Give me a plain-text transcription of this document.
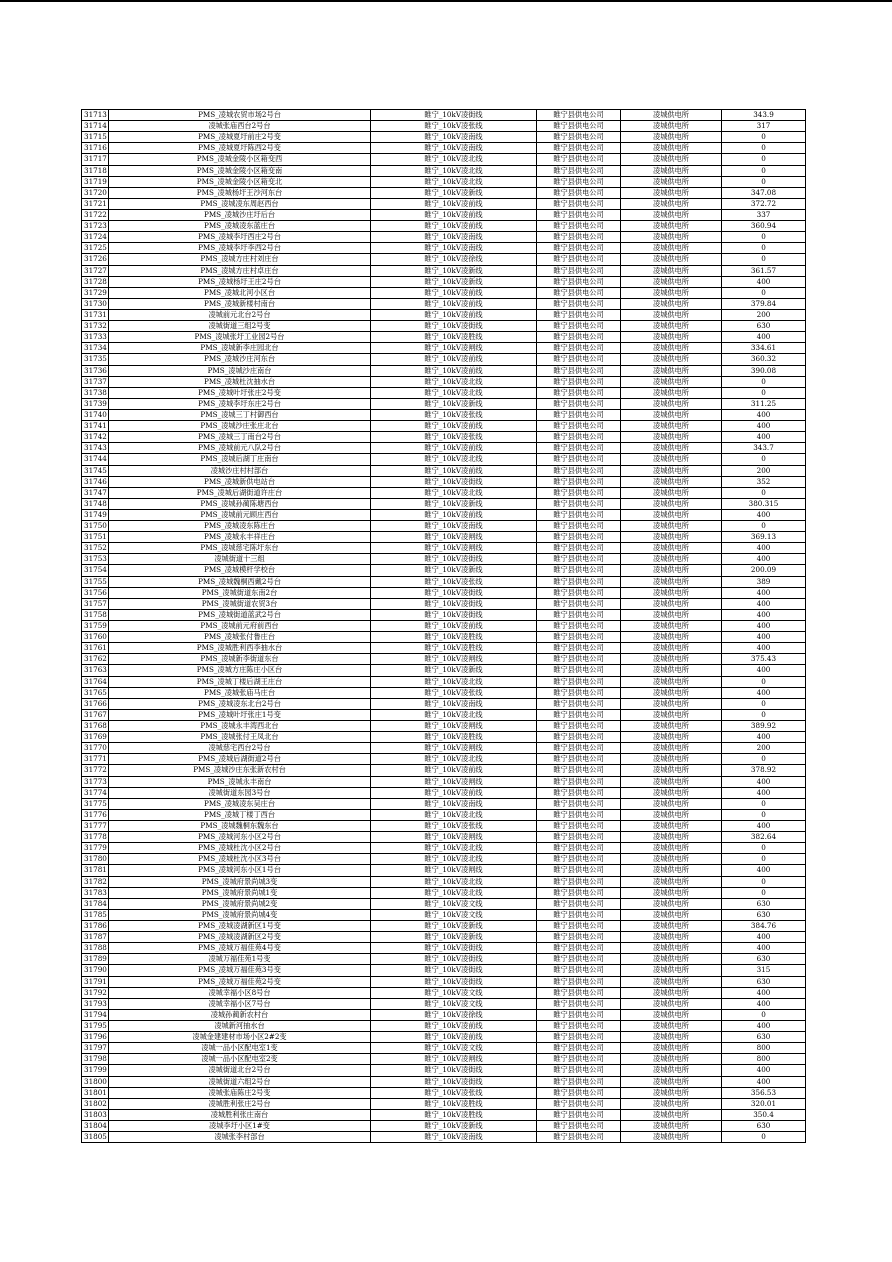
31713	PMS_凌城农贸市场2号台	睢宁_10kV凌街线	睢宁县供电公司	凌城供电所	343.9
31714	凌城张庙西台2号台	睢宁_10kV凌张线	睢宁县供电公司	凌城供电所	317
31715	PMS_凌城夏圩前庄2号变	睢宁_10kV凌南线	睢宁县供电公司	凌城供电所	0
31716	PMS_凌城夏圩陈西2号变	睢宁_10kV凌南线	睢宁县供电公司	凌城供电所	0
31717	PMS_凌城金陵小区箱变西	睢宁_10kV凌北线	睢宁县供电公司	凌城供电所	0
31718	PMS_凌城金陵小区箱变南	睢宁_10kV凌北线	睢宁县供电公司	凌城供电所	0
31719	PMS_凌城金陵小区箱变北	睢宁_10kV凌北线	睢宁县供电公司	凌城供电所	0
31720	PMS_凌城杨圩王沙河东台	睢宁_10kV凌新线	睢宁县供电公司	凌城供电所	347.08
31721	PMS_凌城凌东周赵西台	睢宁_10kV凌前线	睢宁县供电公司	凌城供电所	372.72
31722	PMS_凌城沙庄圩后台	睢宁_10kV凌前线	睢宁县供电公司	凌城供电所	337
31723	PMS_凌城凌东蓝庄台	睢宁_10kV凌前线	睢宁县供电公司	凌城供电所	360.94
31724	PMS_凌城李圩西庄2号台	睢宁_10kV凌南线	睢宁县供电公司	凌城供电所	0
31725	PMS_凌城李圩李西2号台	睢宁_10kV凌南线	睢宁县供电公司	凌城供电所	0
31726	PMS_凌城方庄村刘庄台	睢宁_10kV凌徐线	睢宁县供电公司	凌城供电所	0
31727	PMS_凌城方庄村卓庄台	睢宁_10kV凌新线	睢宁县供电公司	凌城供电所	361.57
31728	PMS_凌城杨圩王庄2号台	睢宁_10kV凌新线	睢宁县供电公司	凌城供电所	400
31729	PMS_凌城北河小区台	睢宁_10kV凌前线	睢宁县供电公司	凌城供电所	0
31730	PMS_凌城新楼村南台	睢宁_10kV凌前线	睢宁县供电公司	凌城供电所	379.84
31731	凌城前元北台2号台	睢宁_10kV凌前线	睢宁县供电公司	凌城供电所	200
31732	凌城街道三组2号变	睢宁_10kV凌街线	睢宁县供电公司	凌城供电所	630
31733	PMS_凌城张圩工业园2号台	睢宁_10kV凌胜线	睢宁县供电公司	凌城供电所	400
31734	PMS_凌城新李庄园北台	睢宁_10kV凌闸线	睢宁县供电公司	凌城供电所	334.61
31735	PMS_凌城沙庄河东台	睢宁_10kV凌前线	睢宁县供电公司	凌城供电所	360.32
31736	PMS_凌城沙庄南台	睢宁_10kV凌前线	睢宁县供电公司	凌城供电所	390.08
31737	PMS_凌城杜沈抽水台	睢宁_10kV凌北线	睢宁县供电公司	凌城供电所	0
31738	PMS_凌城叶圩张庄2号变	睢宁_10kV凌北线	睢宁县供电公司	凌城供电所	0
31739	PMS_凌城李圩东庄2号台	睢宁_10kV凌新线	睢宁县供电公司	凌城供电所	311.25
31740	PMS_凌城三丁村御西台	睢宁_10kV凌张线	睢宁县供电公司	凌城供电所	400
31741	PMS_凌城沙庄张庄北台	睢宁_10kV凌前线	睢宁县供电公司	凌城供电所	400
31742	PMS_凌城三丁南台2号台	睢宁_10kV凌张线	睢宁县供电公司	凌城供电所	400
31743	PMS_凌城前元八队2号台	睢宁_10kV凌前线	睢宁县供电公司	凌城供电所	343.7
31744	PMS_凌城后湖丁庄南台	睢宁_10kV凌北线	睢宁县供电公司	凌城供电所	0
31745	凌城沙庄村村部台	睢宁_10kV凌前线	睢宁县供电公司	凌城供电所	200
31746	PMS_凌城新供电站台	睢宁_10kV凌街线	睢宁县供电公司	凌城供电所	352
31747	PMS_凌城后湖街道许庄台	睢宁_10kV凌北线	睢宁县供电公司	凌城供电所	0
31748	PMS_凌城孙蔺陈塘西台	睢宁_10kV凌新线	睢宁县供电公司	凌城供电所	380.315
31749	PMS_凌城前元顾庄西台	睢宁_10kV凌前线	睢宁县供电公司	凌城供电所	400
31750	PMS_凌城凌东陈庄台	睢宁_10kV凌南线	睢宁县供电公司	凌城供电所	0
31751	PMS_凌城永丰祥庄台	睢宁_10kV凌闸线	睢宁县供电公司	凌城供电所	369.13
31752	PMS_凌城慈宅陈圩东台	睢宁_10kV凌闸线	睢宁县供电公司	凌城供电所	400
31753	凌城街道十三组	睢宁_10kV凌街线	睢宁县供电公司	凌城供电所	400
31754	PMS_凌城模杆学校台	睢宁_10kV凌新线	睢宁县供电公司	凌城供电所	200.09
31755	PMS_凌城魏桐西戴2号台	睢宁_10kV凌张线	睢宁县供电公司	凌城供电所	389
31756	PMS_凌城街道东南2台	睢宁_10kV凌街线	睢宁县供电公司	凌城供电所	400
31757	PMS_凌城街道农贸3台	睢宁_10kV凌街线	睢宁县供电公司	凌城供电所	400
31758	PMS_凌城街道蓝武2号台	睢宁_10kV凌街线	睢宁县供电公司	凌城供电所	400
31759	PMS_凌城前元府前西台	睢宁_10kV凌前线	睢宁县供电公司	凌城供电所	400
31760	PMS_凌城张付鲁庄台	睢宁_10kV凌胜线	睢宁县供电公司	凌城供电所	400
31761	PMS_凌城胜利西李抽水台	睢宁_10kV凌胜线	睢宁县供电公司	凌城供电所	400
31762	PMS_凌城新李街道东台	睢宁_10kV凌闸线	睢宁县供电公司	凌城供电所	375.43
31763	PMS_凌城方庄陈庄小区台	睢宁_10kV凌新线	睢宁县供电公司	凌城供电所	400
31764	PMS_凌城丁楼后湖王庄台	睢宁_10kV凌北线	睢宁县供电公司	凌城供电所	0
31765	PMS_凌城张庙马庄台	睢宁_10kV凌张线	睢宁县供电公司	凌城供电所	400
31766	PMS_凌城凌东北台2号台	睢宁_10kV凌南线	睢宁县供电公司	凌城供电所	0
31767	PMS_凌城叶圩张庄1号变	睢宁_10kV凌北线	睢宁县供电公司	凌城供电所	0
31768	PMS_凌城永丰湾西北台	睢宁_10kV凌闸线	睢宁县供电公司	凌城供电所	389.92
31769	PMS_凌城张付王凤北台	睢宁_10kV凌胜线	睢宁县供电公司	凌城供电所	400
31770	凌城慈宅西台2号台	睢宁_10kV凌闸线	睢宁县供电公司	凌城供电所	200
31771	PMS_凌城后湖街道2号台	睢宁_10kV凌北线	睢宁县供电公司	凌城供电所	0
31772	PMS_凌城沙庄东张新农村台	睢宁_10kV凌前线	睢宁县供电公司	凌城供电所	378.92
31773	PMS_凌城永丰南台	睢宁_10kV凌闸线	睢宁县供电公司	凌城供电所	400
31774	凌城街道东园3号台	睢宁_10kV凌前线	睢宁县供电公司	凌城供电所	400
31775	PMS_凌城凌东吴庄台	睢宁_10kV凌南线	睢宁县供电公司	凌城供电所	0
31776	PMS_凌城丁楼丁西台	睢宁_10kV凌北线	睢宁县供电公司	凌城供电所	0
31777	PMS_凌城魏桐东魏东台	睢宁_10kV凌张线	睢宁县供电公司	凌城供电所	400
31778	PMS_凌城河东小区2号台	睢宁_10kV凌闸线	睢宁县供电公司	凌城供电所	382.64
31779	PMS_凌城杜沈小区2号台	睢宁_10kV凌北线	睢宁县供电公司	凌城供电所	0
31780	PMS_凌城杜沈小区3号台	睢宁_10kV凌北线	睢宁县供电公司	凌城供电所	0
31781	PMS_凌城河东小区1号台	睢宁_10kV凌闸线	睢宁县供电公司	凌城供电所	400
31782	PMS_凌城府景尚城3变	睢宁_10kV凌北线	睢宁县供电公司	凌城供电所	0
31783	PMS_凌城府景尚城1变	睢宁_10kV凌北线	睢宁县供电公司	凌城供电所	0
31784	PMS_凌城府景尚城2变	睢宁_10kV凌文线	睢宁县供电公司	凌城供电所	630
31785	PMS_凌城府景尚城4变	睢宁_10kV凌文线	睢宁县供电公司	凌城供电所	630
31786	PMS_凌城凌湖新区1号变	睢宁_10kV凌新线	睢宁县供电公司	凌城供电所	384.76
31787	PMS_凌城凌湖新区2号变	睢宁_10kV凌新线	睢宁县供电公司	凌城供电所	400
31788	PMS_凌城万福佳苑4号变	睢宁_10kV凌街线	睢宁县供电公司	凌城供电所	400
31789	凌城万福佳苑1号变	睢宁_10kV凌街线	睢宁县供电公司	凌城供电所	630
31790	PMS_凌城万福佳苑3号变	睢宁_10kV凌街线	睢宁县供电公司	凌城供电所	315
31791	PMS_凌城万福佳苑2号变	睢宁_10kV凌街线	睢宁县供电公司	凌城供电所	630
31792	凌城幸福小区8号台	睢宁_10kV凌文线	睢宁县供电公司	凌城供电所	400
31793	凌城幸福小区7号台	睢宁_10kV凌文线	睢宁县供电公司	凌城供电所	400
31794	凌城孙蔺新农村台	睢宁_10kV凌徐线	睢宁县供电公司	凌城供电所	0
31795	凌城新河抽水台	睢宁_10kV凌前线	睢宁县供电公司	凌城供电所	400
31796	凌城金建建材市场小区2#2变	睢宁_10kV凌前线	睢宁县供电公司	凌城供电所	630
31797	凌城一品小区配电室1变	睢宁_10kV凌文线	睢宁县供电公司	凌城供电所	800
31798	凌城一品小区配电室2变	睢宁_10kV凌闸线	睢宁县供电公司	凌城供电所	800
31799	凌城街道北台2号台	睢宁_10kV凌街线	睢宁县供电公司	凌城供电所	400
31800	凌城街道六组2号台	睢宁_10kV凌街线	睢宁县供电公司	凌城供电所	400
31801	凌城张庙陈庄2号变	睢宁_10kV凌张线	睢宁县供电公司	凌城供电所	356.53
31802	凌城胜利张庄2号台	睢宁_10kV凌胜线	睢宁县供电公司	凌城供电所	320.01
31803	凌城胜利张庄南台	睢宁_10kV凌胜线	睢宁县供电公司	凌城供电所	350.4
31804	凌城李圩小区1#变	睢宁_10kV凌新线	睢宁县供电公司	凌城供电所	630
31805	凌城张李村部台	睢宁_10kV凌南线	睢宁县供电公司	凌城供电所	0
